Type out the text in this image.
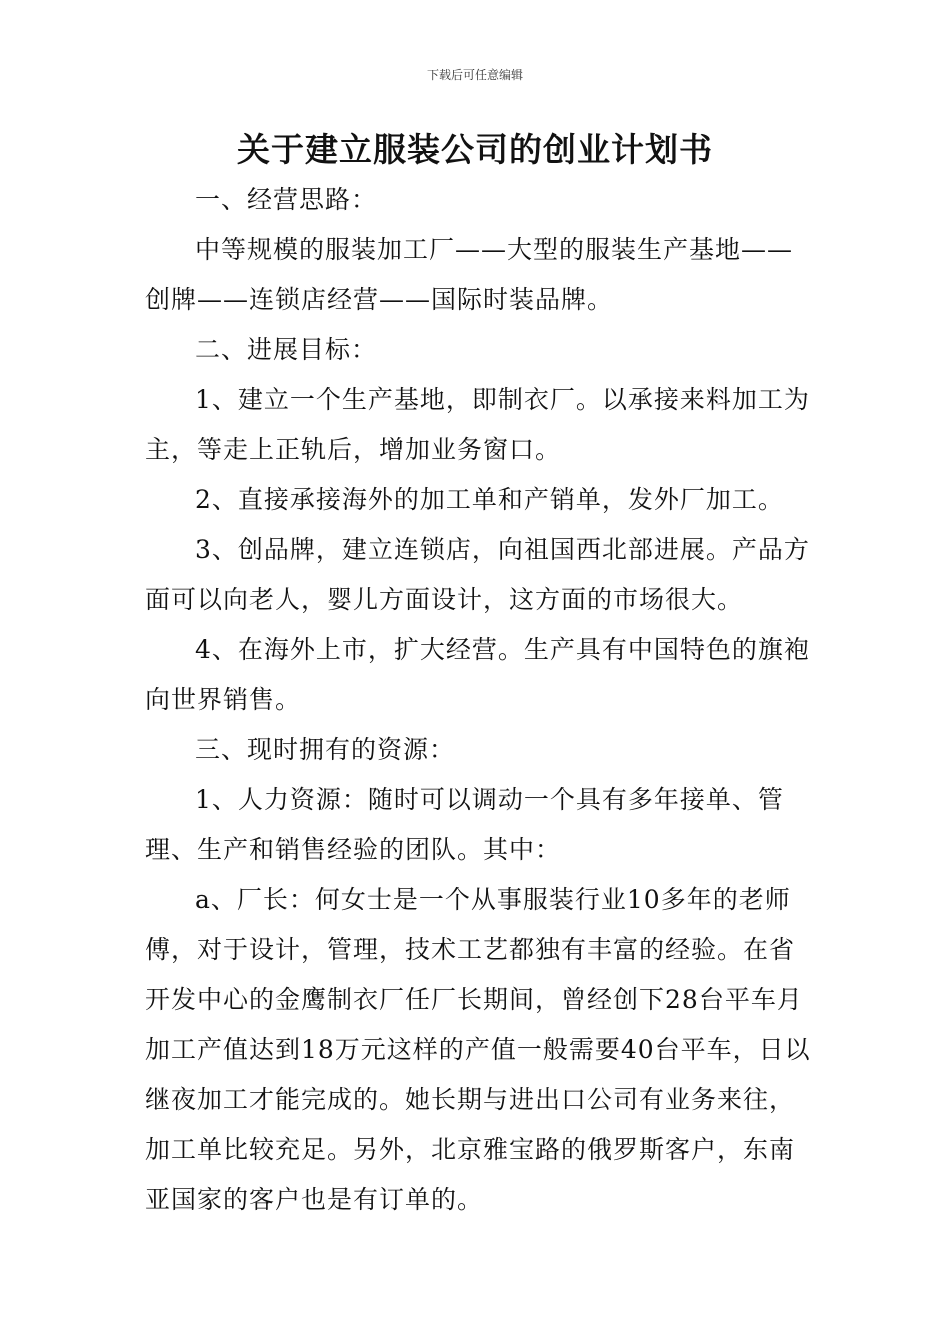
下载后可任意编辑
关于建立服装公司的创业计划书

一、经营思路：

中等规模的服装加工厂——大型的服装生产基地——创牌——连锁店经营——国际时装品牌。

二、进展目标：

1、建立一个生产基地，即制衣厂。以承接来料加工为主，等走上正轨后，增加业务窗口。

2、直接承接海外的加工单和产销单，发外厂加工。

3、创品牌，建立连锁店，向祖国西北部进展。产品方面可以向老人，婴儿方面设计，这方面的市场很大。

4、在海外上市，扩大经营。生产具有中国特色的旗袍向世界销售。

三、现时拥有的资源：

1、人力资源：随时可以调动一个具有多年接单、管理、生产和销售经验的团队。其中：

a、厂长：何女士是一个从事服装行业10多年的老师傅，对于设计，管理，技术工艺都独有丰富的经验。在省开发中心的金鹰制衣厂任厂长期间，曾经创下28台平车月加工产值达到18万元这样的产值一般需要40台平车，日以继夜加工才能完成的。她长期与进出口公司有业务来往，加工单比较充足。另外，北京雅宝路的俄罗斯客户，东南亚国家的客户也是有订单的。
